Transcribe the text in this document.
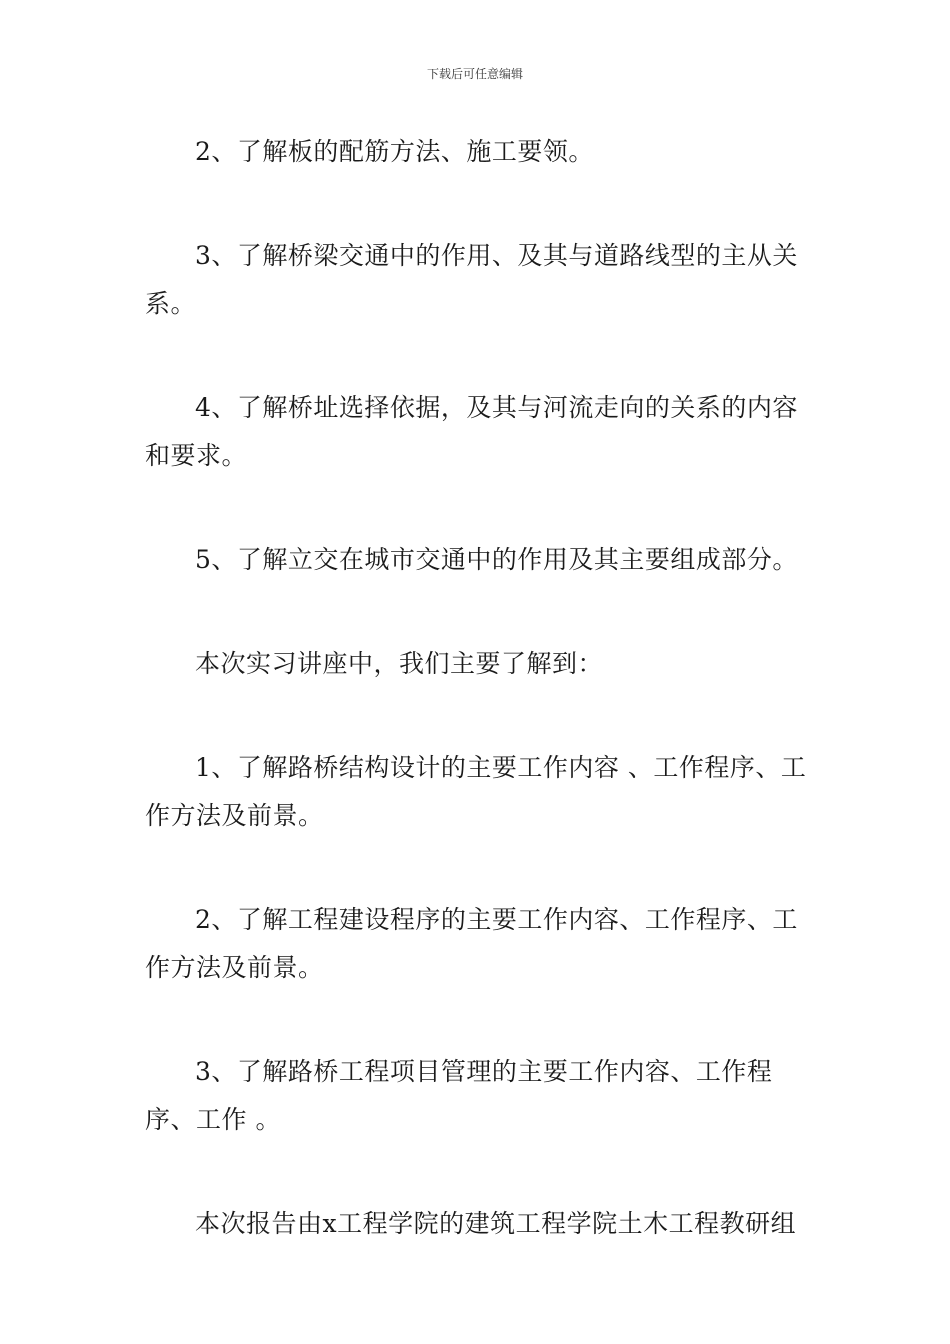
下载后可任意编辑

2、了解板的配筋方法、施工要领。

3、了解桥梁交通中的作用、及其与道路线型的主从关系。

4、了解桥址选择依据，及其与河流走向的关系的内容和要求。

5、了解立交在城市交通中的作用及其主要组成部分。

本次实习讲座中，我们主要了解到：

1、了解路桥结构设计的主要工作内容 、工作程序、工作方法及前景。

2、了解工程建设程序的主要工作内容、工作程序、工作方法及前景。

3、了解路桥工程项目管理的主要工作内容、工作程序、工作 。

本次报告由x工程学院的建筑工程学院土木工程教研组
